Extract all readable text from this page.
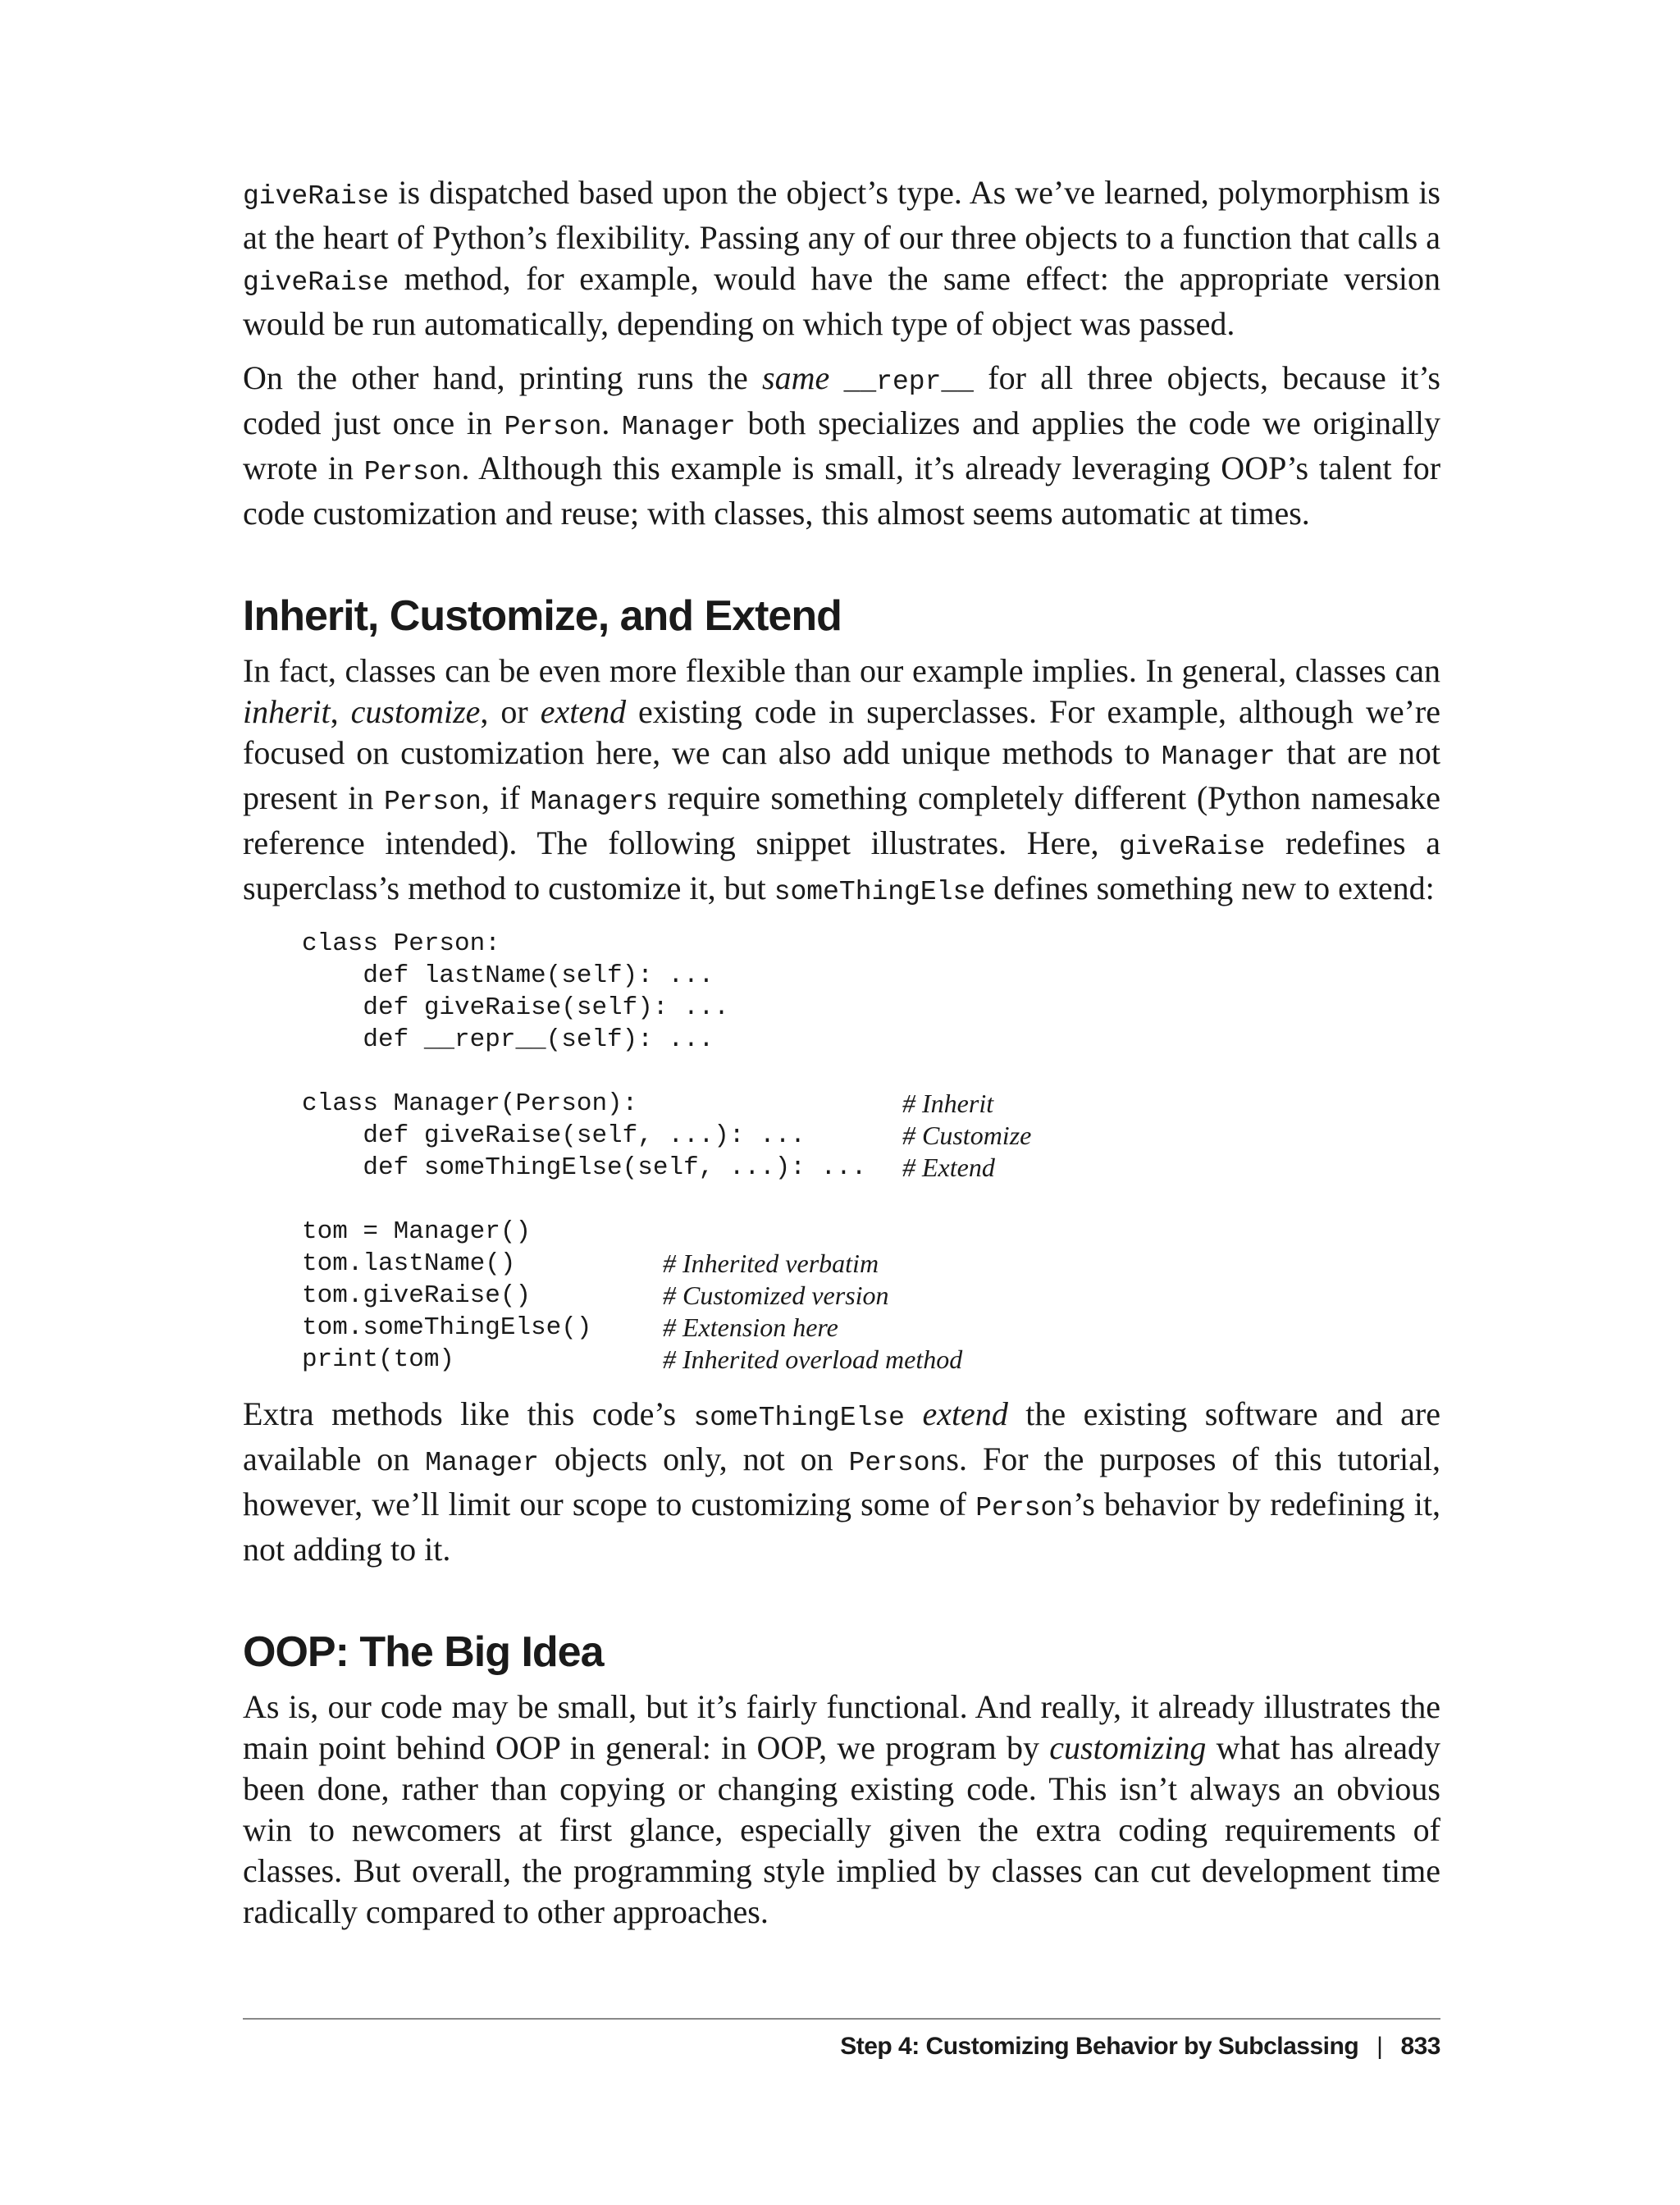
giveRaise is dispatched based upon the object’s type. As we’ve learned, polymorphism is at the heart of Python’s flexibility. Passing any of our three objects to a function that calls a giveRaise method, for example, would have the same effect: the appropriate version would be run automatically, depending on which type of object was passed.

On the other hand, printing runs the same __repr__ for all three objects, because it’s coded just once in Person. Manager both specializes and applies the code we originally wrote in Person. Although this example is small, it’s already leveraging OOP’s talent for code customization and reuse; with classes, this almost seems automatic at times.

Inherit, Customize, and Extend

In fact, classes can be even more flexible than our example implies. In general, classes can inherit, customize, or extend existing code in superclasses. For example, although we’re focused on customization here, we can also add unique methods to Manager that are not present in Person, if Managers require something completely different (Python namesake reference intended). The following snippet illustrates. Here, giveRaise redefines a superclass’s method to customize it, but someThingElse defines something new to extend:

class Person:
def lastName(self): ...
def giveRaise(self): ...
def __repr__(self): ...
class Manager(Person):	# Inherit
def giveRaise(self, ...): ...	# Customize
def someThingElse(self, ...): ... # Extend
tom = Manager()
tom.lastName()	# Inherited verbatim
tom.giveRaise()	# Customized version
tom.someThingElse()	# Extension here
print(tom)	# Inherited overload method

Extra methods like this code’s someThingElse extend the existing software and are available on Manager objects only, not on Persons. For the purposes of this tutorial, however, we’ll limit our scope to customizing some of Person’s behavior by redefining it, not adding to it.

OOP: The Big Idea

As is, our code may be small, but it’s fairly functional. And really, it already illustrates the main point behind OOP in general: in OOP, we program by customizing what has already been done, rather than copying or changing existing code. This isn’t always an obvious win to newcomers at first glance, especially given the extra coding requirements of classes. But overall, the programming style implied by classes can cut development time radically compared to other approaches.

Step 4: Customizing Behavior by Subclassing | 833
